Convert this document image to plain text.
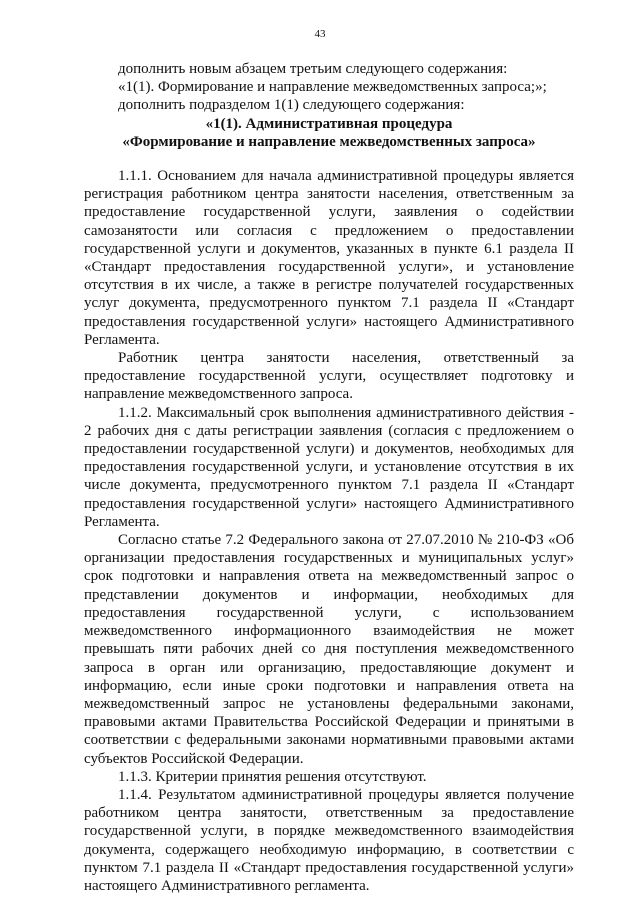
43

дополнить новым абзацем третьим следующего содержания:

«1(1). Формирование и направление межведомственных запроса;»;

дополнить подразделом 1(1) следующего содержания:

«1(1). Административная процедура

«Формирование и направление межведомственных запроса»

1.1.1. Основанием для начала административной процедуры является регистрация работником центра занятости населения, ответственным за предоставление государственной услуги, заявления о содействии самозанятости или согласия с предложением о предоставлении государственной услуги и документов, указанных в пункте 6.1 раздела II «Стандарт предоставления государственной услуги», и установление отсутствия в их числе, а также в регистре получателей государственных услуг документа, предусмотренного пунктом 7.1 раздела II «Стандарт предоставления государственной услуги» настоящего Административного Регламента.

Работник центра занятости населения, ответственный за предоставление государственной услуги, осуществляет подготовку и направление межведомственного запроса.

1.1.2. Максимальный срок выполнения административного действия - 2 рабочих дня с даты регистрации заявления (согласия с предложением о предоставлении государственной услуги) и документов, необходимых для предоставления государственной услуги, и установление отсутствия в их числе документа, предусмотренного пунктом 7.1 раздела II «Стандарт предоставления государственной услуги» настоящего Административного Регламента.

Согласно статье 7.2 Федерального закона от 27.07.2010 № 210-ФЗ «Об организации предоставления государственных и муниципальных услуг» срок подготовки и направления ответа на межведомственный запрос о представлении документов и информации, необходимых для предоставления государственной услуги, с использованием межведомственного информационного взаимодействия не может превышать пяти рабочих дней со дня поступления межведомственного запроса в орган или организацию, предоставляющие документ и информацию, если иные сроки подготовки и направления ответа на межведомственный запрос не установлены федеральными законами, правовыми актами Правительства Российской Федерации и принятыми в соответствии с федеральными законами нормативными правовыми актами субъектов Российской Федерации.

1.1.3. Критерии принятия решения отсутствуют.

1.1.4. Результатом административной процедуры является получение работником центра занятости, ответственным за предоставление государственной услуги, в порядке межведомственного взаимодействия документа, содержащего необходимую информацию, в соответствии с пунктом 7.1 раздела II «Стандарт предоставления государственной услуги» настоящего Административного регламента.
